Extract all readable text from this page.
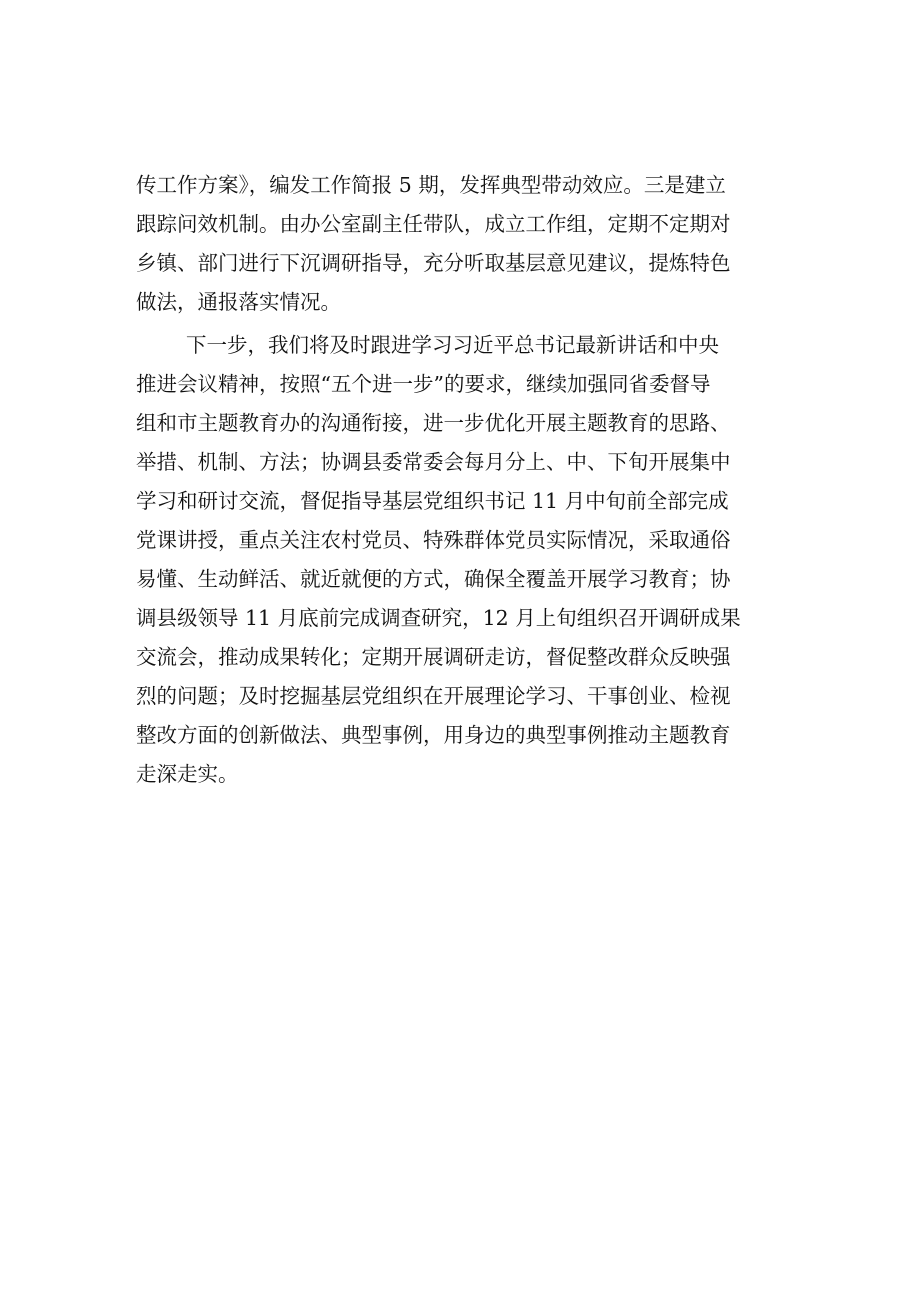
传工作方案》，编发工作简报 5 期，发挥典型带动效应。三是建立
跟踪问效机制。由办公室副主任带队，成立工作组，定期不定期对
乡镇、部门进行下沉调研指导，充分听取基层意见建议，提炼特色
做法，通报落实情况。
下一步，我们将及时跟进学习习近平总书记最新讲话和中央
推进会议精神，按照“五个进一步”的要求，继续加强同省委督导
组和市主题教育办的沟通衔接，进一步优化开展主题教育的思路、
举措、机制、方法；协调县委常委会每月分上、中、下旬开展集中
学习和研讨交流，督促指导基层党组织书记 11 月中旬前全部完成
党课讲授，重点关注农村党员、特殊群体党员实际情况，采取通俗
易懂、生动鲜活、就近就便的方式，确保全覆盖开展学习教育；协
调县级领导 11 月底前完成调查研究，12 月上旬组织召开调研成果
交流会，推动成果转化；定期开展调研走访，督促整改群众反映强
烈的问题；及时挖掘基层党组织在开展理论学习、干事创业、检视
整改方面的创新做法、典型事例，用身边的典型事例推动主题教育
走深走实。
